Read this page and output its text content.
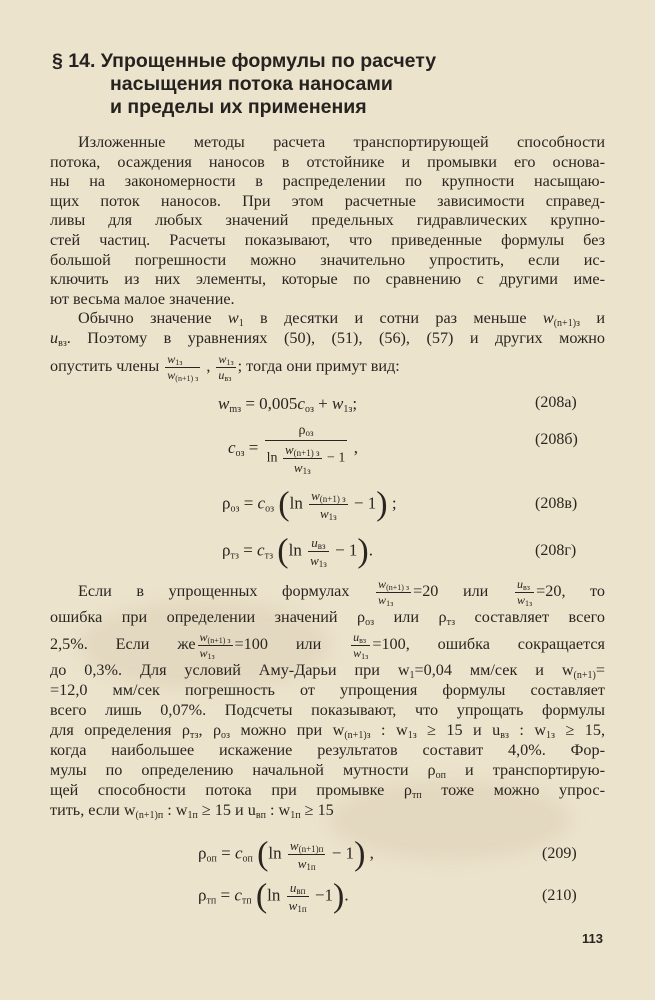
§ 14. Упрощенные формулы по расчету
насыщения потока наносами
и пределы их применения
Изложенные методы расчета транспортирующей способности
потока, осаждения наносов в отстойнике и промывки его основа-
ны на закономерности в распределении по крупности насыщаю-
щих поток наносов. При этом расчетные зависимости справед-
ливы для любых значений предельных гидравлических крупно-
стей частиц. Расчеты показывают, что приведенные формулы без
большой погрешности можно значительно упростить, если ис-
ключить из них элементы, которые по сравнению с другими име-
ют весьма малое значение.
Обычно значение $w_1$ в десятки и сотни раз меньше $w_{(n+1)з}$ и
$u_{вз}$. Поэтому в уравнениях (50), (51), (56), (57) и других можно
опустить члены $\frac{w_{1з}}{w_{(n+1) з}}$ , $\frac{w_{1з}}{u_{вз}}$ ; тогда они примут вид:
$w_{mз} = 0,005c_{оз} + w_{1з}$;	(208а)
$c_{оз} = \frac{\rho_{оз}}{\ln \frac{w_{(n+1) з}}{w_{1з}} - 1}$ ,	(208б)
$\rho_{оз} = c_{оз}$ $(\ln \frac{w_{(n+1) з}}{w_{1з}} - 1)$ ;	(208в)
$\rho_{тз} = c_{тз}$ $(\ln \frac{u_{вз}}{w_{1з}} - 1)$.	(208г)
Если в упрощенных формулах $\frac{w_{(n+1) з}}{w_{1з}} =20$ или $\frac{u_{вз}}{w_{1з}} =20$, то
ошибка при определении значений $\rho_{оз}$ или $\rho_{тз}$ составляет всего
2,5%. Если же $\frac{w_{(n+1) з}}{w_{1з}} =100$ или $\frac{u_{вз}}{w_{1з}} =100$, ошибка сокращается
до 0,3%. Для условий Аму-Дарьи при $w_1=0,04$ мм/сек и $w_{(n+1)}=$
=12,0 мм/сек погрешность от упрощения формулы составляет
всего лишь 0,07%. Подсчеты показывают, что упрощать формулы
для определения $\rho_{тз}$, $\rho_{оз}$ можно при $w_{(n+1)з}$ : $w_{1з} \ge 15$ и $u_{вз}$ : $w_{1з} \ge 15$,
когда наибольшее искажение результатов составит 4,0%. Фор-
мулы по определению начальной мутности $\rho_{оп}$ и транспортирую-
щей способности потока при промывке $\rho_{тп}$ тоже можно упрос-
тить, если $w_{(n+1)п}$ : $w_{1п} \ge 15$ и $u_{вп}$ : $w_{1п} \ge 15$
$\rho_{оп} = c_{оп}$ $(\ln \frac{w_{(n+1)п}}{w_{1п}} - 1)$ ,	(209)
$\rho_{тп} = c_{тп}$ $(\ln \frac{u_{вп}}{w_{1п}} -1)$.	(210)
113
